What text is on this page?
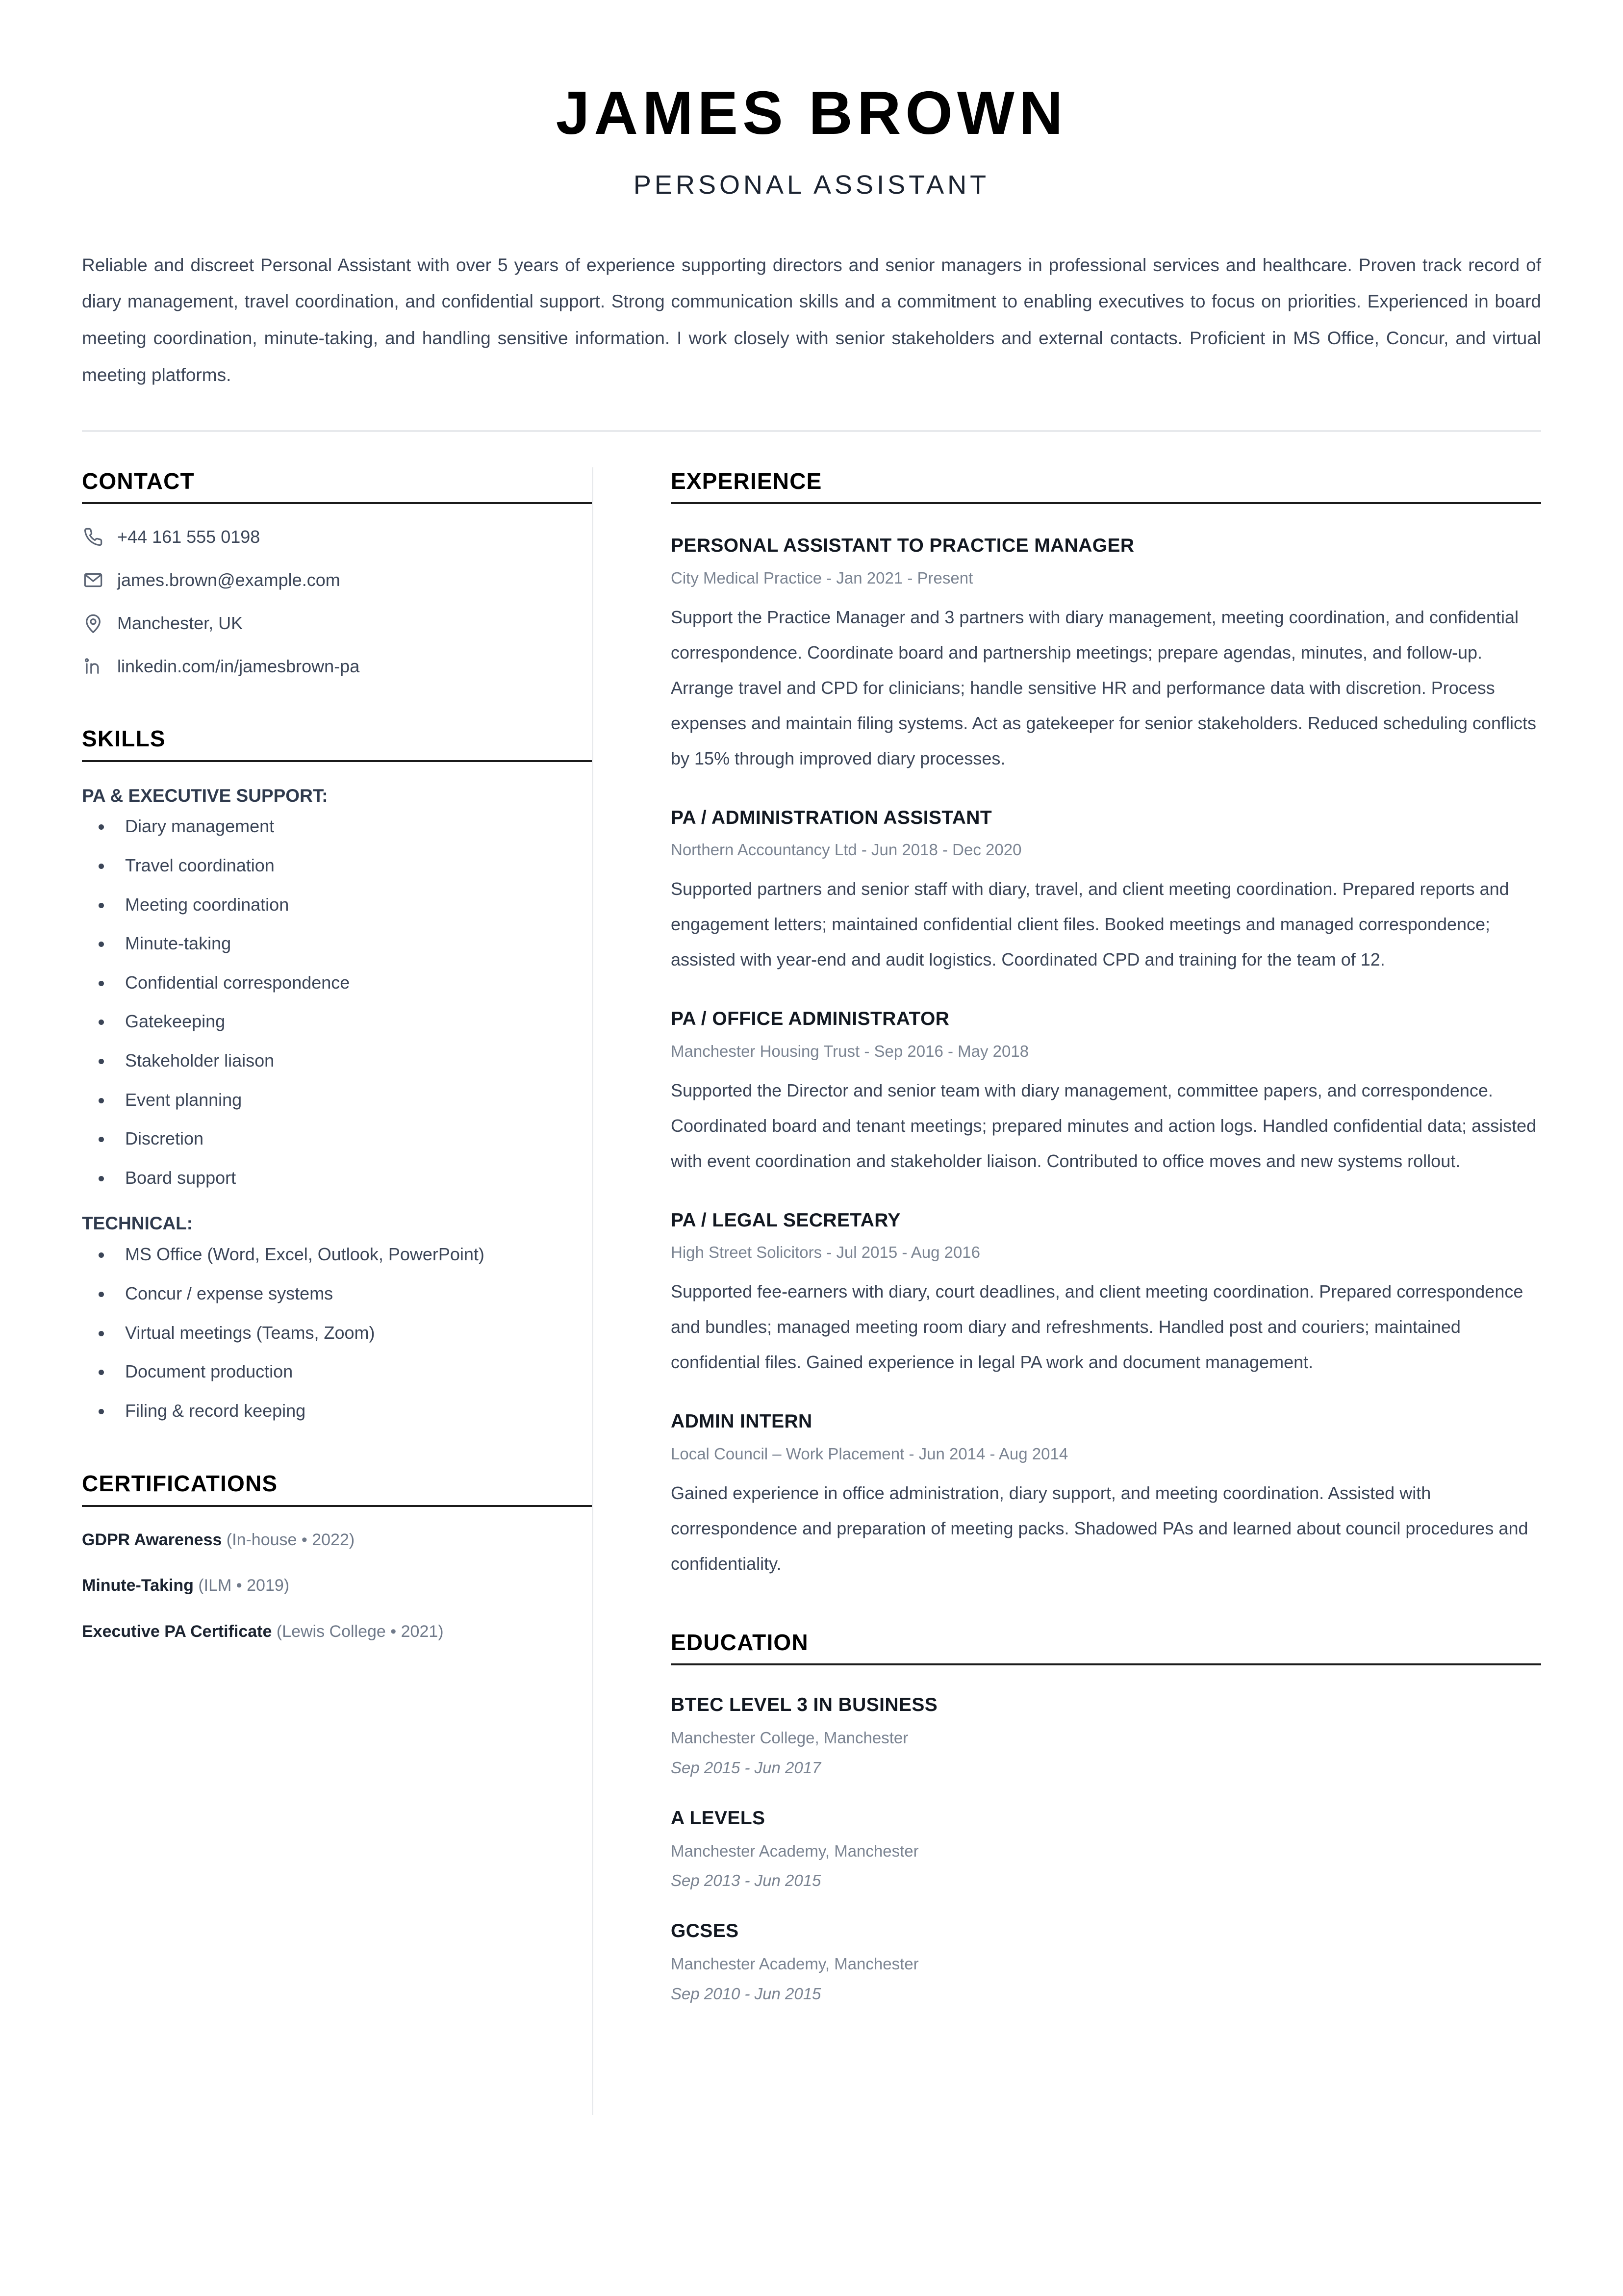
JAMES BROWN
PERSONAL ASSISTANT
Reliable and discreet Personal Assistant with over 5 years of experience supporting directors and senior managers in professional services and healthcare. Proven track record of diary management, travel coordination, and confidential support. Strong communication skills and a commitment to enabling executives to focus on priorities. Experienced in board meeting coordination, minute-taking, and handling sensitive information. I work closely with senior stakeholders and external contacts. Proficient in MS Office, Concur, and virtual meeting platforms.
CONTACT
+44 161 555 0198
james.brown@example.com
Manchester, UK
linkedin.com/in/jamesbrown-pa
SKILLS
PA & EXECUTIVE SUPPORT:
Diary management
Travel coordination
Meeting coordination
Minute-taking
Confidential correspondence
Gatekeeping
Stakeholder liaison
Event planning
Discretion
Board support
TECHNICAL:
MS Office (Word, Excel, Outlook, PowerPoint)
Concur / expense systems
Virtual meetings (Teams, Zoom)
Document production
Filing & record keeping
CERTIFICATIONS
GDPR Awareness (In-house • 2022)
Minute-Taking (ILM • 2019)
Executive PA Certificate (Lewis College • 2021)
EXPERIENCE
PERSONAL ASSISTANT TO PRACTICE MANAGER
City Medical Practice - Jan 2021 - Present
Support the Practice Manager and 3 partners with diary management, meeting coordination, and confidential correspondence. Coordinate board and partnership meetings; prepare agendas, minutes, and follow-up. Arrange travel and CPD for clinicians; handle sensitive HR and performance data with discretion. Process expenses and maintain filing systems. Act as gatekeeper for senior stakeholders. Reduced scheduling conflicts by 15% through improved diary processes.
PA / ADMINISTRATION ASSISTANT
Northern Accountancy Ltd - Jun 2018 - Dec 2020
Supported partners and senior staff with diary, travel, and client meeting coordination. Prepared reports and engagement letters; maintained confidential client files. Booked meetings and managed correspondence; assisted with year-end and audit logistics. Coordinated CPD and training for the team of 12.
PA / OFFICE ADMINISTRATOR
Manchester Housing Trust - Sep 2016 - May 2018
Supported the Director and senior team with diary management, committee papers, and correspondence. Coordinated board and tenant meetings; prepared minutes and action logs. Handled confidential data; assisted with event coordination and stakeholder liaison. Contributed to office moves and new systems rollout.
PA / LEGAL SECRETARY
High Street Solicitors - Jul 2015 - Aug 2016
Supported fee-earners with diary, court deadlines, and client meeting coordination. Prepared correspondence and bundles; managed meeting room diary and refreshments. Handled post and couriers; maintained confidential files. Gained experience in legal PA work and document management.
ADMIN INTERN
Local Council – Work Placement - Jun 2014 - Aug 2014
Gained experience in office administration, diary support, and meeting coordination. Assisted with correspondence and preparation of meeting packs. Shadowed PAs and learned about council procedures and confidentiality.
EDUCATION
BTEC LEVEL 3 IN BUSINESS
Manchester College, Manchester
Sep 2015 - Jun 2017
A LEVELS
Manchester Academy, Manchester
Sep 2013 - Jun 2015
GCSES
Manchester Academy, Manchester
Sep 2010 - Jun 2015
